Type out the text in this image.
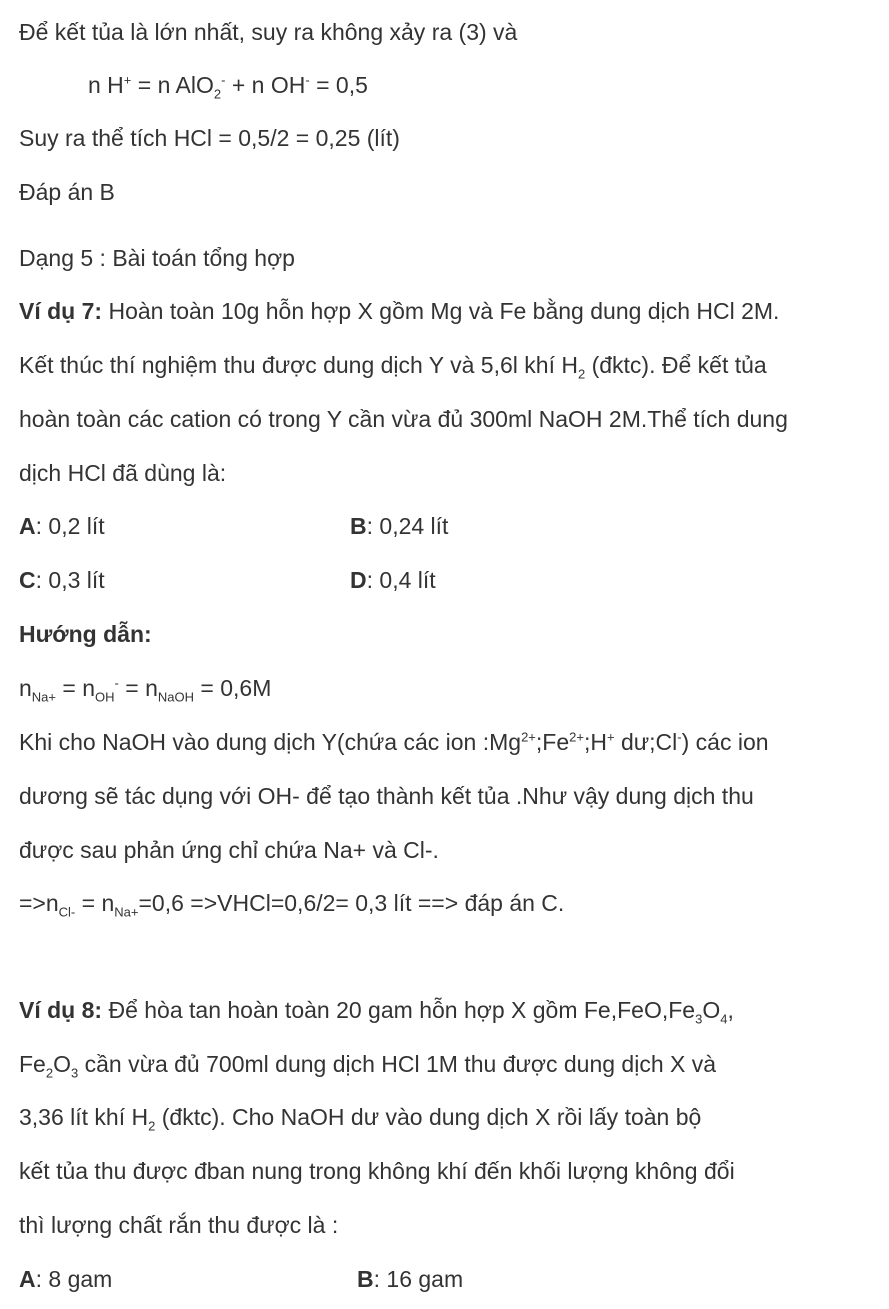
Để kết tủa là lớn nhất, suy ra không xảy ra (3) và
n H+ = n AlO$_2$- + n OH- = 0,5
Suy ra thể tích HCl = 0,5/2 = 0,25 (lít)
Đáp án B
Dạng 5 : Bài toán tổng hợp
Ví dụ 7: Hoàn toàn 10g hỗn hợp X gồm Mg và Fe bằng dung dịch HCl 2M.
Kết thúc thí nghiệm thu được dung dịch Y và 5,6l khí $H_2$ (đktc). Để kết tủa
hoàn toàn các cation có trong Y cần vừa đủ 300ml NaOH 2M.Thể tích dung
dịch HCl đã dùng là:
A: 0,2 lít	B: 0,24 lít
C: 0,3 lít	D: 0,4 lít
Hướng dẫn:
$n_{Na+} = n_{OH}^- = n_{NaOH} = 0,6M$
Khi cho NaOH vào dung dịch Y(chứa các ion $:Mg^{2+};Fe^{2+};H^+$ dư;Cl-) các ion
dương sẽ tác dụng với OH- để tạo thành kết tủa .Như vậy dung dịch thu
được sau phản ứng chỉ chứa Na+ và Cl-.
$=>n_{Cl-} = n_{Na+}=0,6$ =>VHCl=0,6/2= 0,3 lít ==> đáp án C.
Ví dụ 8: Để hòa tan hoàn toàn 20 gam hỗn hợp X gồm $Fe,FeO,Fe_3O_4$,
$Fe_2O_3$ cần vừa đủ 700ml dung dịch HCl 1M thu được dung dịch X và
3,36 lít khí $H_2$ (đktc). Cho NaOH dư vào dung dịch X rồi lấy toàn bộ
kết tủa thu được đban nung trong không khí đến khối lượng không đổi
thì lượng chất rắn thu được là :
A: 8 gam	B: 16 gam
